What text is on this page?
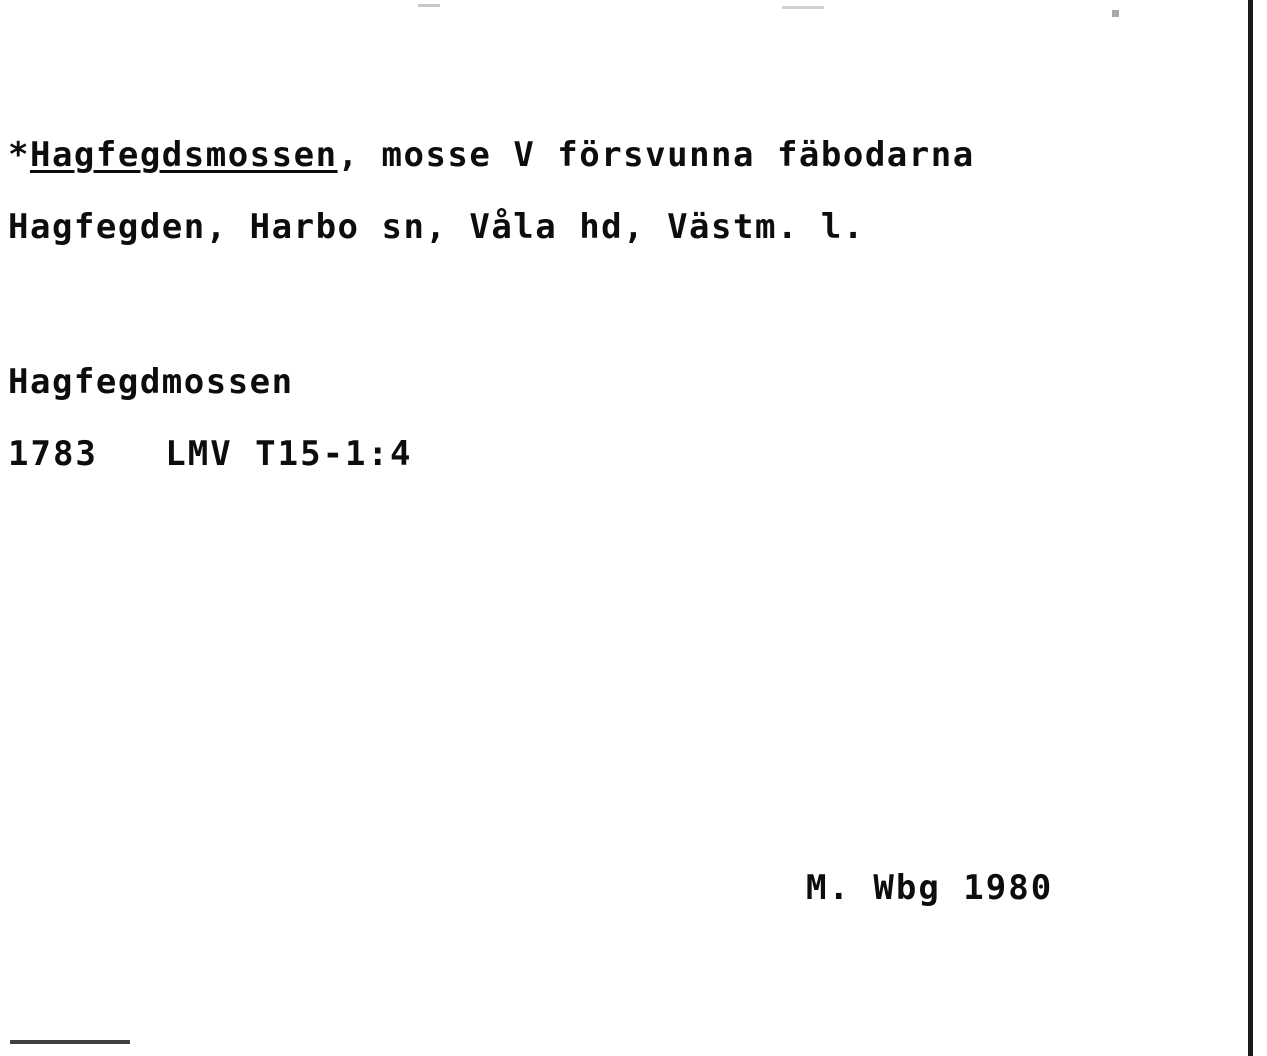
*Hagfegdsmossen, mosse V försvunna fäbodarna
Hagfegden, Harbo sn, Våla hd, Västm. l.
Hagfegdmossen
1783   LMV T15-1:4
M. Wbg 1980
